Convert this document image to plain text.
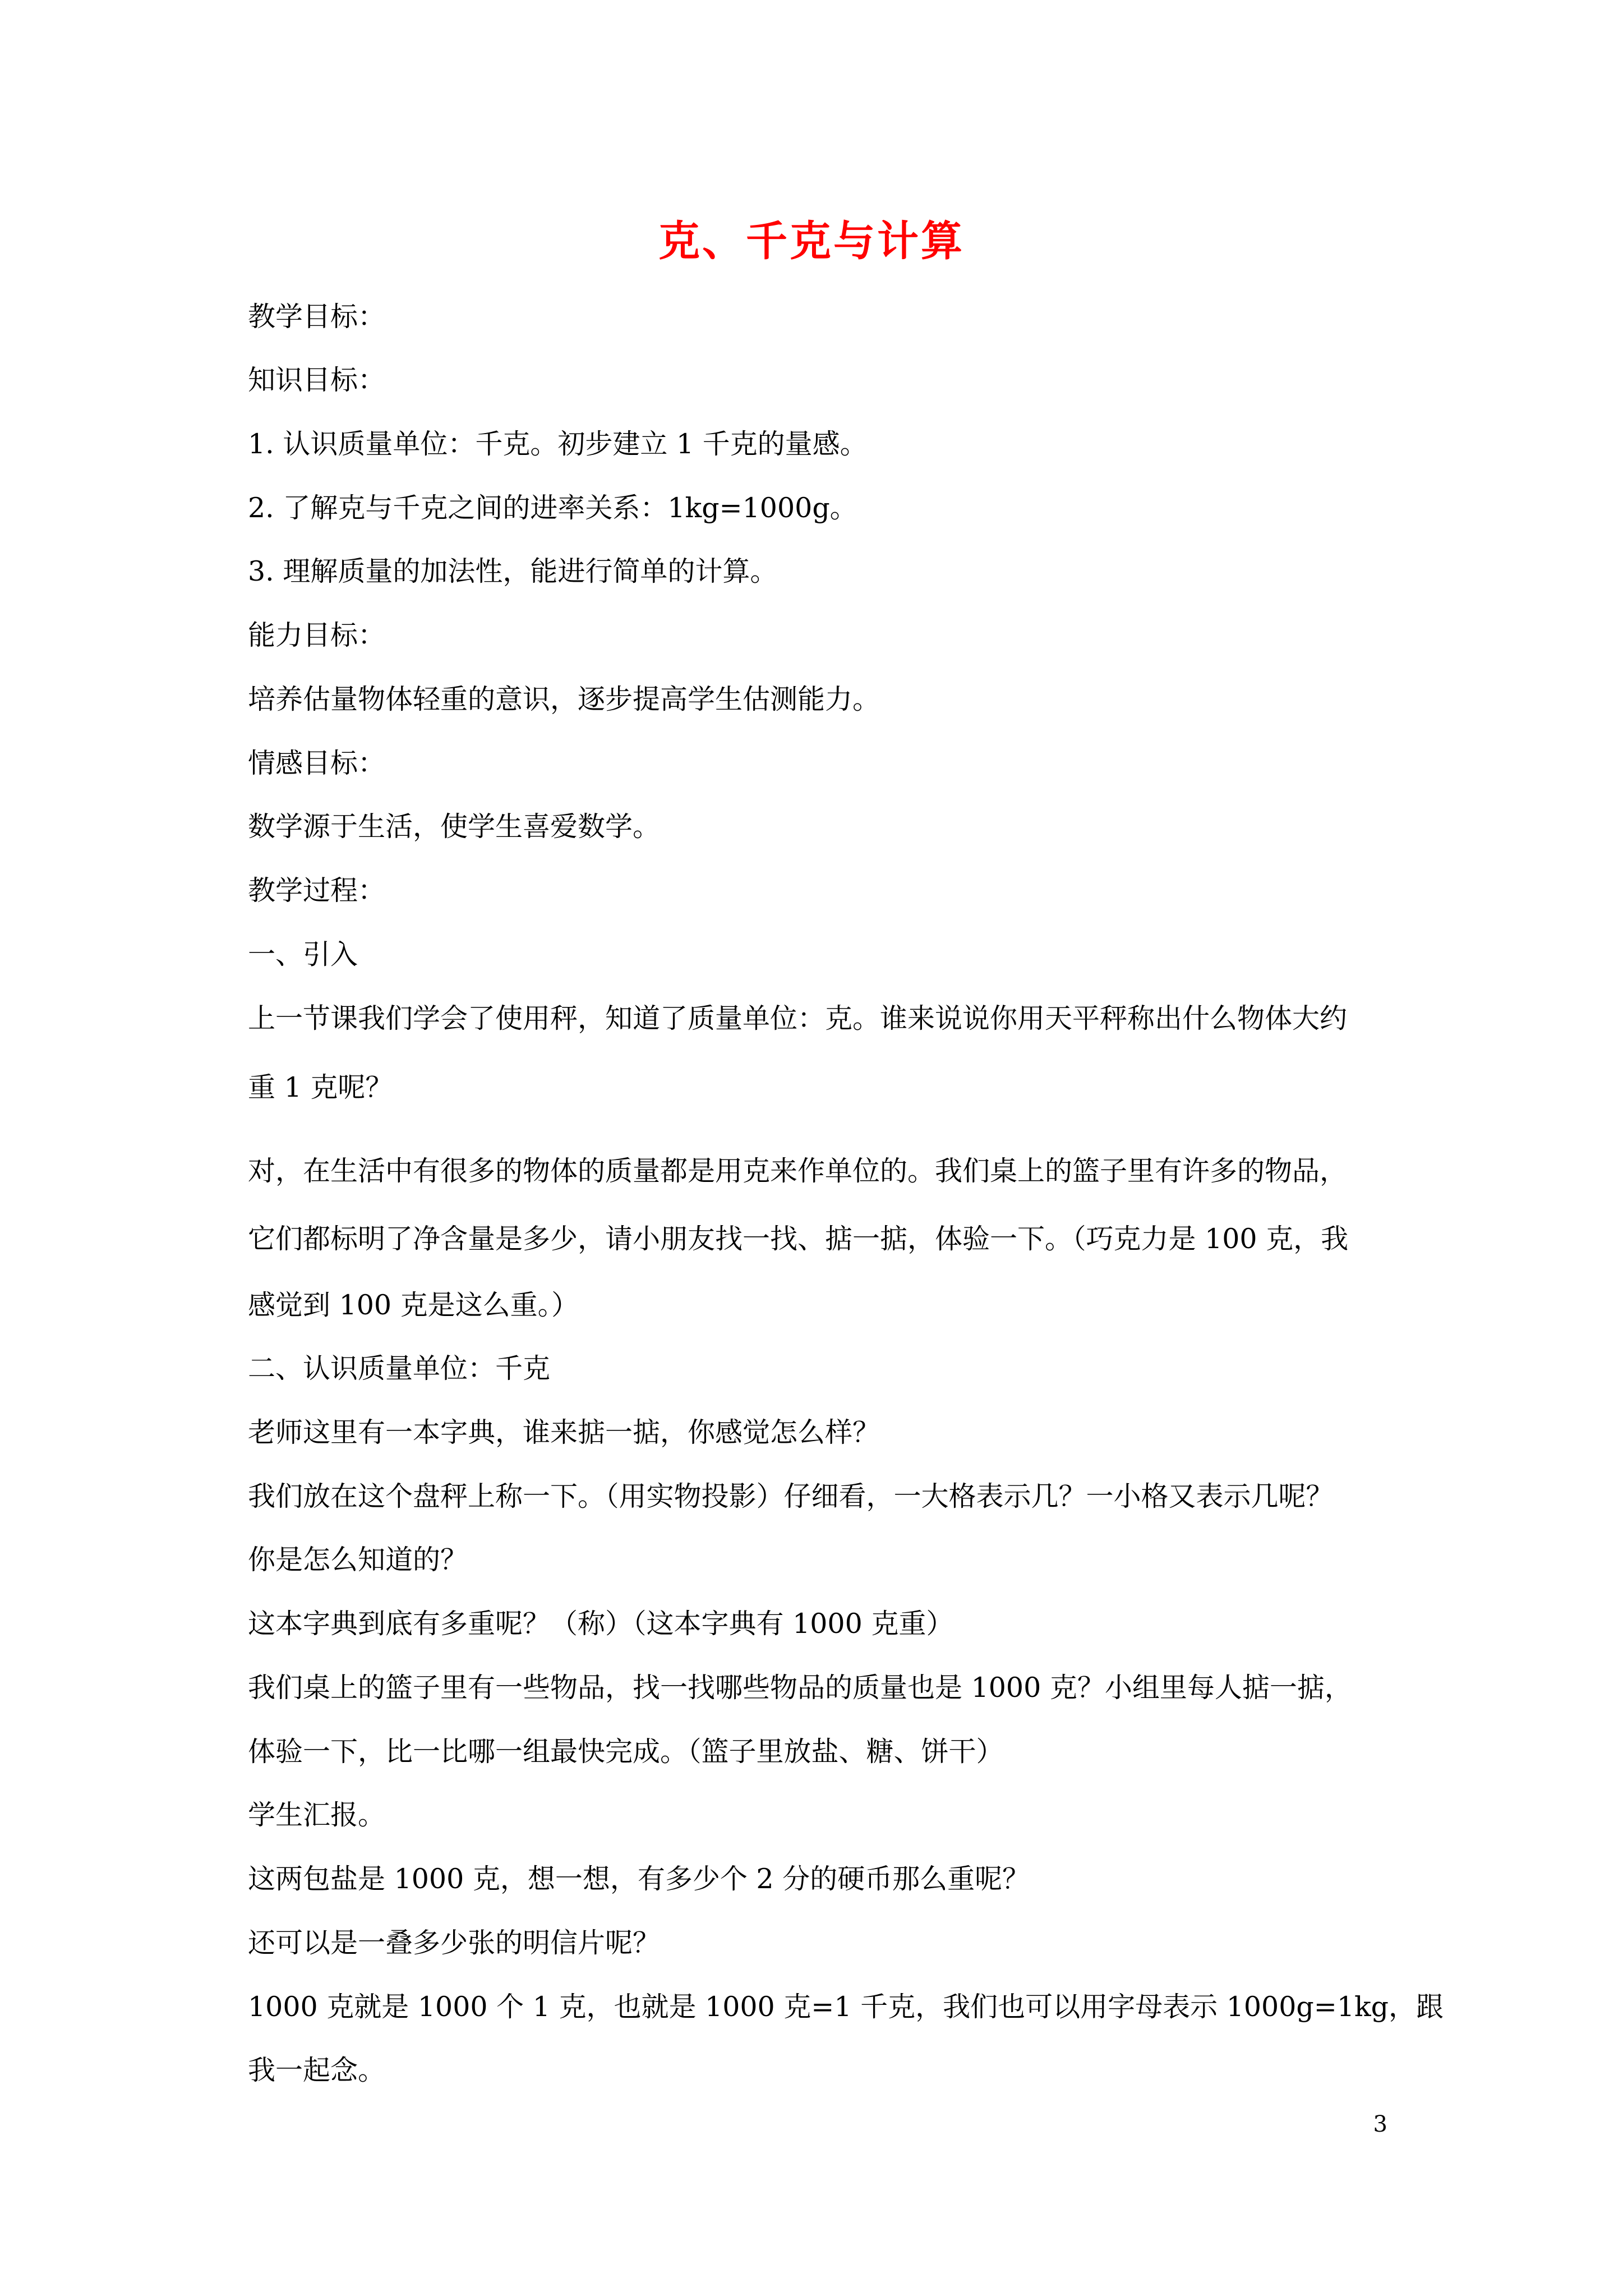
克、千克与计算

教学目标：

知识目标：

1. 认识质量单位：千克。初步建立 1 千克的量感。

2. 了解克与千克之间的进率关系：1kg=1000g。

3. 理解质量的加法性，能进行简单的计算。

能力目标：

培养估量物体轻重的意识，逐步提高学生估测能力。

情感目标：

数学源于生活，使学生喜爱数学。

教学过程：

一、引入

上一节课我们学会了使用秤，知道了质量单位：克。谁来说说你用天平秤称出什么物体大约

重 1 克呢？

对，在生活中有很多的物体的质量都是用克来作单位的。我们桌上的篮子里有许多的物品，

它们都标明了净含量是多少，请小朋友找一找、掂一掂，体验一下。（巧克力是 100 克，我

感觉到 100 克是这么重。）

二、认识质量单位：千克

老师这里有一本字典，谁来掂一掂，你感觉怎么样？

我们放在这个盘秤上称一下。（用实物投影）仔细看，一大格表示几？一小格又表示几呢？

你是怎么知道的？

这本字典到底有多重呢？（称）（这本字典有 1000 克重）

我们桌上的篮子里有一些物品，找一找哪些物品的质量也是 1000 克？小组里每人掂一掂，

体验一下，比一比哪一组最快完成。（篮子里放盐、糖、饼干）

学生汇报。

这两包盐是 1000 克，想一想，有多少个 2 分的硬币那么重呢？

还可以是一叠多少张的明信片呢？

1000 克就是 1000 个 1 克，也就是 1000 克=1 千克，我们也可以用字母表示 1000g=1kg，跟

我一起念。

3
